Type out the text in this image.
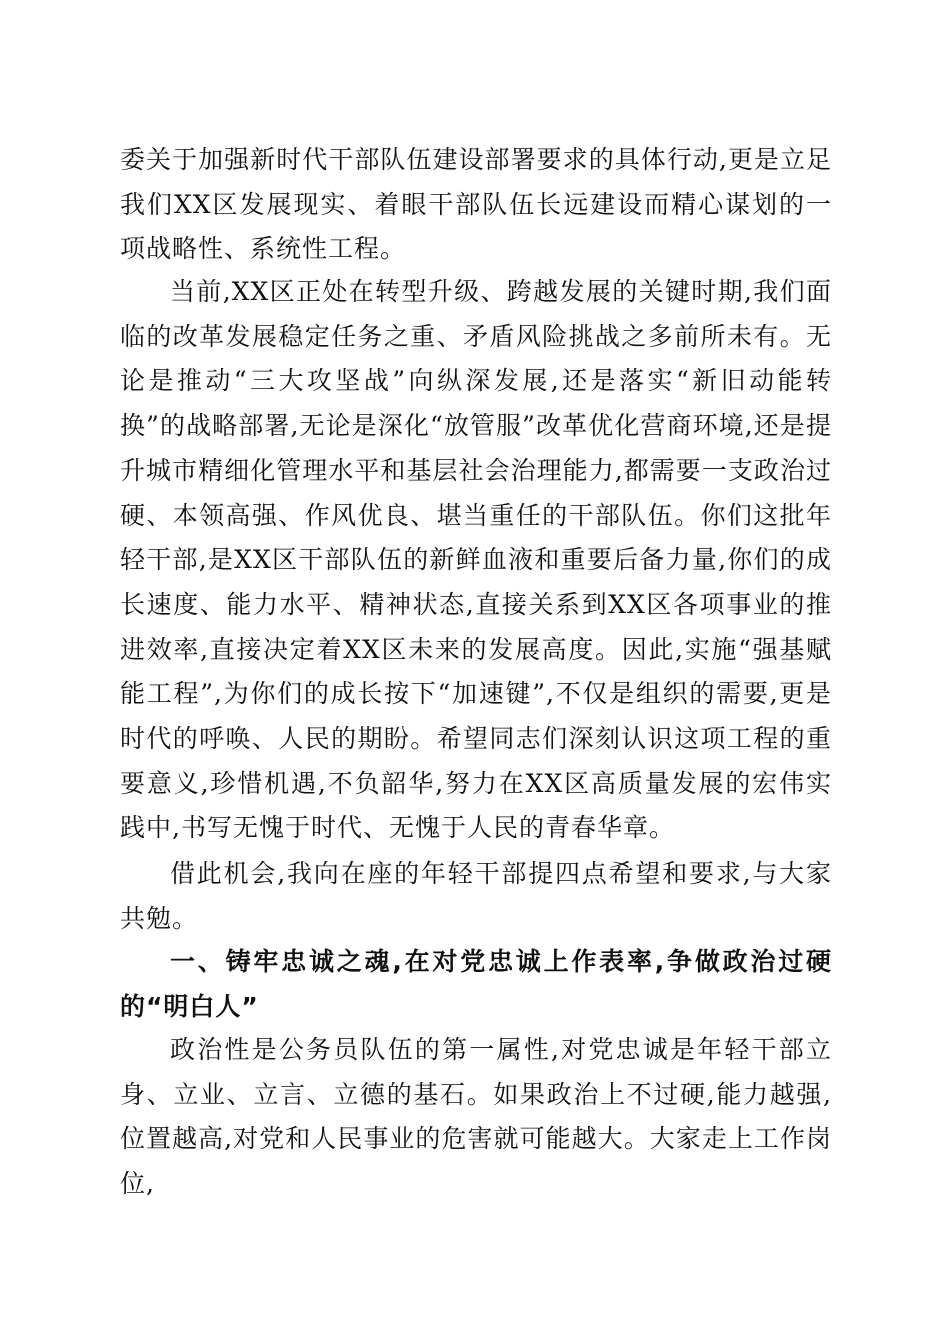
委关于加强新时代干部队伍建设部署要求的具体行动,更是立足我们XX区发展现实、着眼干部队伍长远建设而精心谋划的一项战略性、系统性工程。

当前,XX区正处在转型升级、跨越发展的关键时期,我们面临的改革发展稳定任务之重、矛盾风险挑战之多前所未有。无论是推动“三大攻坚战”向纵深发展,还是落实“新旧动能转换”的战略部署,无论是深化“放管服”改革优化营商环境,还是提升城市精细化管理水平和基层社会治理能力,都需要一支政治过硬、本领高强、作风优良、堪当重任的干部队伍。你们这批年轻干部,是XX区干部队伍的新鲜血液和重要后备力量,你们的成长速度、能力水平、精神状态,直接关系到XX区各项事业的推进效率,直接决定着XX区未来的发展高度。因此,实施“强基赋能工程”,为你们的成长按下“加速键”,不仅是组织的需要,更是时代的呼唤、人民的期盼。希望同志们深刻认识这项工程的重要意义,珍惜机遇,不负韶华,努力在XX区高质量发展的宏伟实践中,书写无愧于时代、无愧于人民的青春华章。

借此机会,我向在座的年轻干部提四点希望和要求,与大家共勉。

一、铸牢忠诚之魂,在对党忠诚上作表率,争做政治过硬的“明白人”

政治性是公务员队伍的第一属性,对党忠诚是年轻干部立身、立业、立言、立德的基石。如果政治上不过硬,能力越强,位置越高,对党和人民事业的危害就可能越大。大家走上工作岗位,
